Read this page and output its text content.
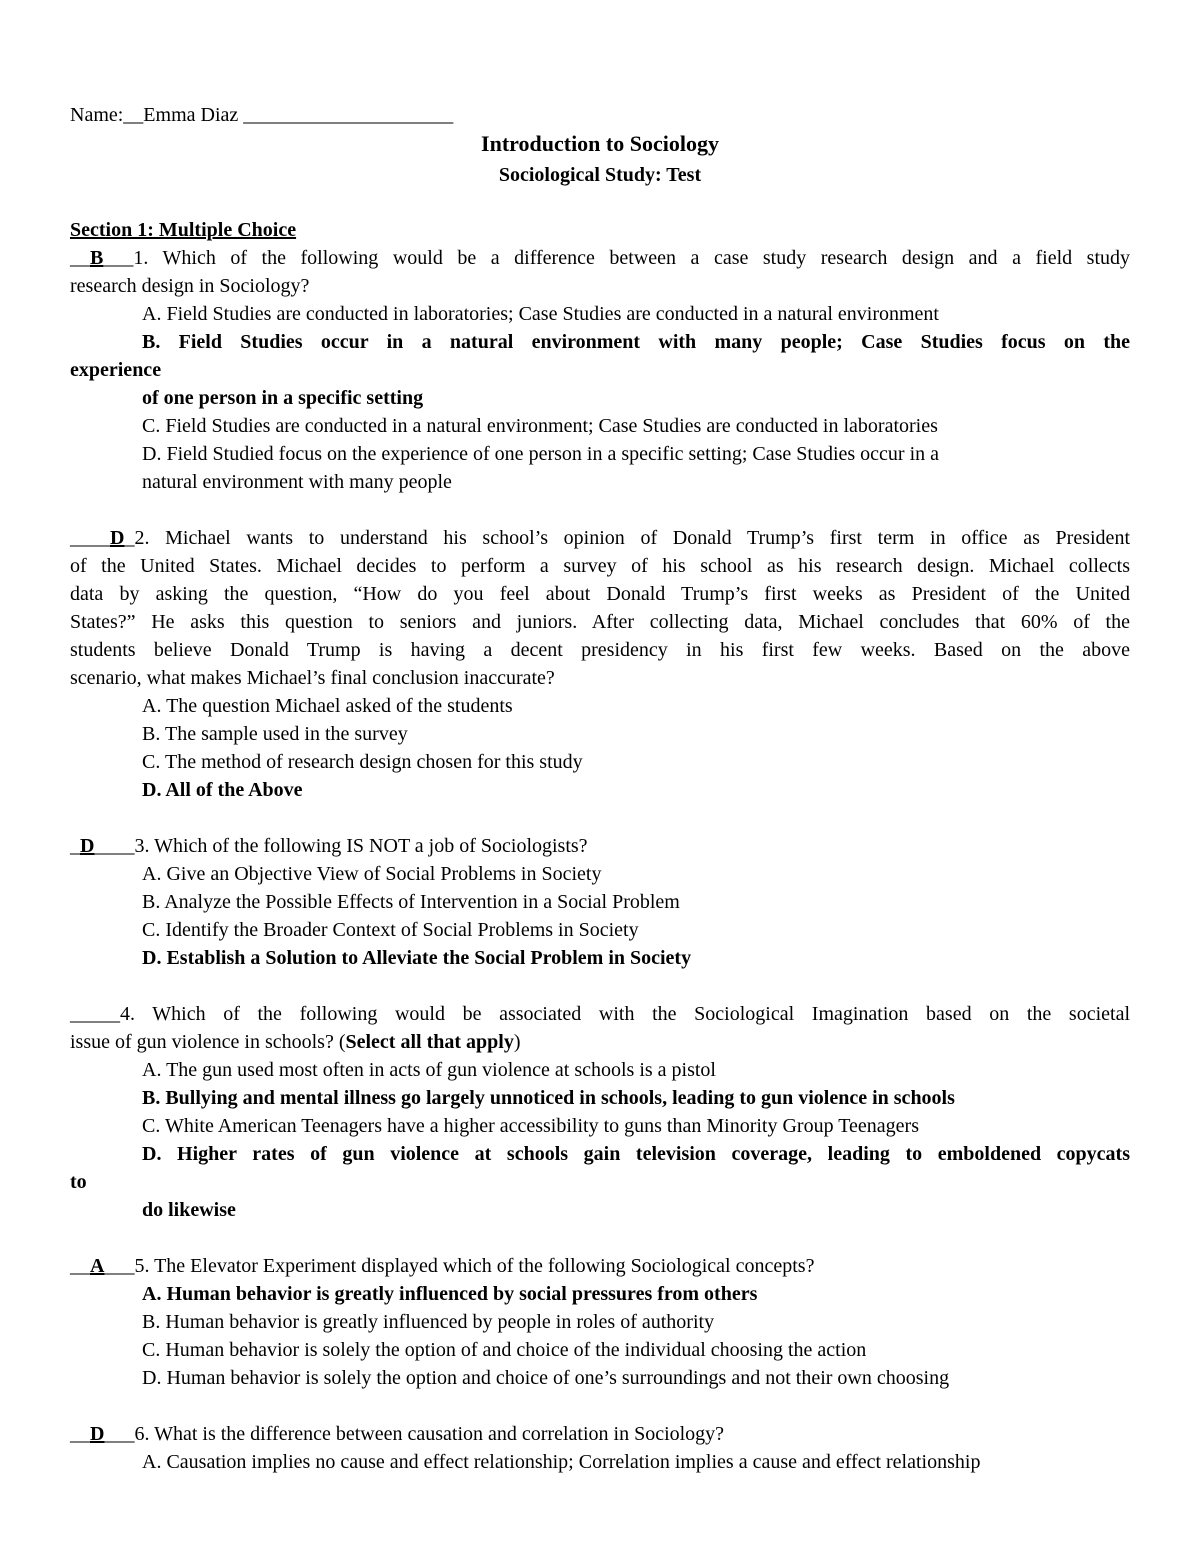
Name:__Emma Diaz _____________________
Introduction to Sociology
Sociological Study: Test
Section 1: Multiple Choice
__B___1. Which of the following would be a difference between a case study research design and a field study
research design in Sociology?
A. Field Studies are conducted in laboratories; Case Studies are conducted in a natural environment
B. Field Studies occur in a natural environment with many people; Case Studies focus on the
experience
of one person in a specific setting
C. Field Studies are conducted in a natural environment; Case Studies are conducted in laboratories
D. Field Studied focus on the experience of one person in a specific setting; Case Studies occur in a
natural environment with many people
____D_2. Michael wants to understand his school’s opinion of Donald Trump’s first term in office as President
of the United States. Michael decides to perform a survey of his school as his research design. Michael collects
data by asking the question, “How do you feel about Donald Trump’s first weeks as President of the United
States?” He asks this question to seniors and juniors. After collecting data, Michael concludes that 60% of the
students believe Donald Trump is having a decent presidency in his first few weeks. Based on the above
scenario, what makes Michael’s final conclusion inaccurate?
A. The question Michael asked of the students
B. The sample used in the survey
C. The method of research design chosen for this study
D. All of the Above
_D____3. Which of the following IS NOT a job of Sociologists?
A. Give an Objective View of Social Problems in Society
B. Analyze the Possible Effects of Intervention in a Social Problem
C. Identify the Broader Context of Social Problems in Society
D. Establish a Solution to Alleviate the Social Problem in Society
_____4. Which of the following would be associated with the Sociological Imagination based on the societal
issue of gun violence in schools? (Select all that apply)
A. The gun used most often in acts of gun violence at schools is a pistol
B. Bullying and mental illness go largely unnoticed in schools, leading to gun violence in schools
C. White American Teenagers have a higher accessibility to guns than Minority Group Teenagers
D. Higher rates of gun violence at schools gain television coverage, leading to emboldened copycats
to
do likewise
__A___5. The Elevator Experiment displayed which of the following Sociological concepts?
A. Human behavior is greatly influenced by social pressures from others
B. Human behavior is greatly influenced by people in roles of authority
C. Human behavior is solely the option of and choice of the individual choosing the action
D. Human behavior is solely the option and choice of one’s surroundings and not their own choosing
__D___6. What is the difference between causation and correlation in Sociology?
A. Causation implies no cause and effect relationship; Correlation implies a cause and effect relationship
